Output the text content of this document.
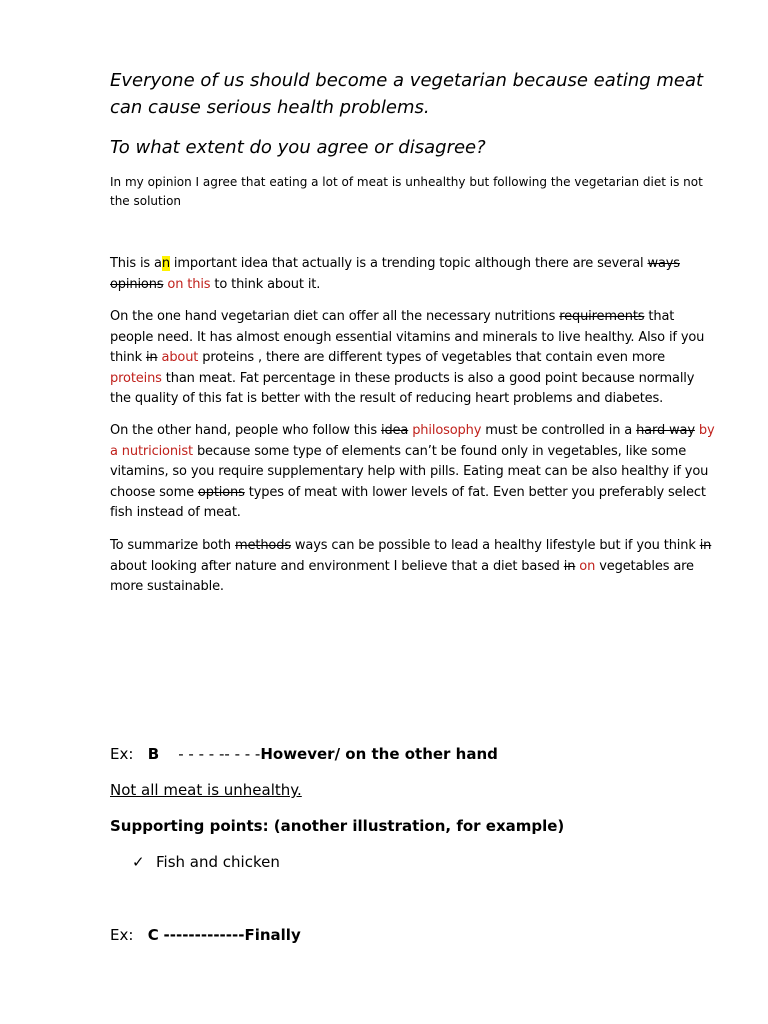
Everyone of us should become a vegetarian because eating meat can cause serious health problems.

To what extent do you agree or disagree?

In my opinion I agree that eating a lot of meat is unhealthy but following the vegetarian diet is not the solution

This is an important idea that actually is a trending topic although there are several ways opinions on this to think about it.

On the one hand vegetarian diet can offer all the necessary nutritions requirements that people need. It has almost enough essential vitamins and minerals to live healthy. Also if you think in about proteins , there are different types of vegetables that contain even more proteins than meat. Fat percentage in these products is also a good point because normally the quality of this fat is better with the result of reducing heart problems and diabetes.

On the other hand, people who follow this idea philosophy must be controlled in a hard way by a nutricionist because some type of elements can’t be found only in vegetables, like some vitamins, so you require supplementary help with pills. Eating meat can be also healthy if you choose some options types of meat with lower levels of fat. Even better you preferably select fish instead of meat.

To summarize both methods ways can be possible to lead a healthy lifestyle but if you think in about looking after nature and environment I believe that a diet based in on vegetables are more sustainable.

Ex: B - - - - -- - - -However/ on the other hand

Not all meat is unhealthy.

Supporting points: (another illustration, for example)

✓ Fish and chicken

Ex: C -------------Finally
